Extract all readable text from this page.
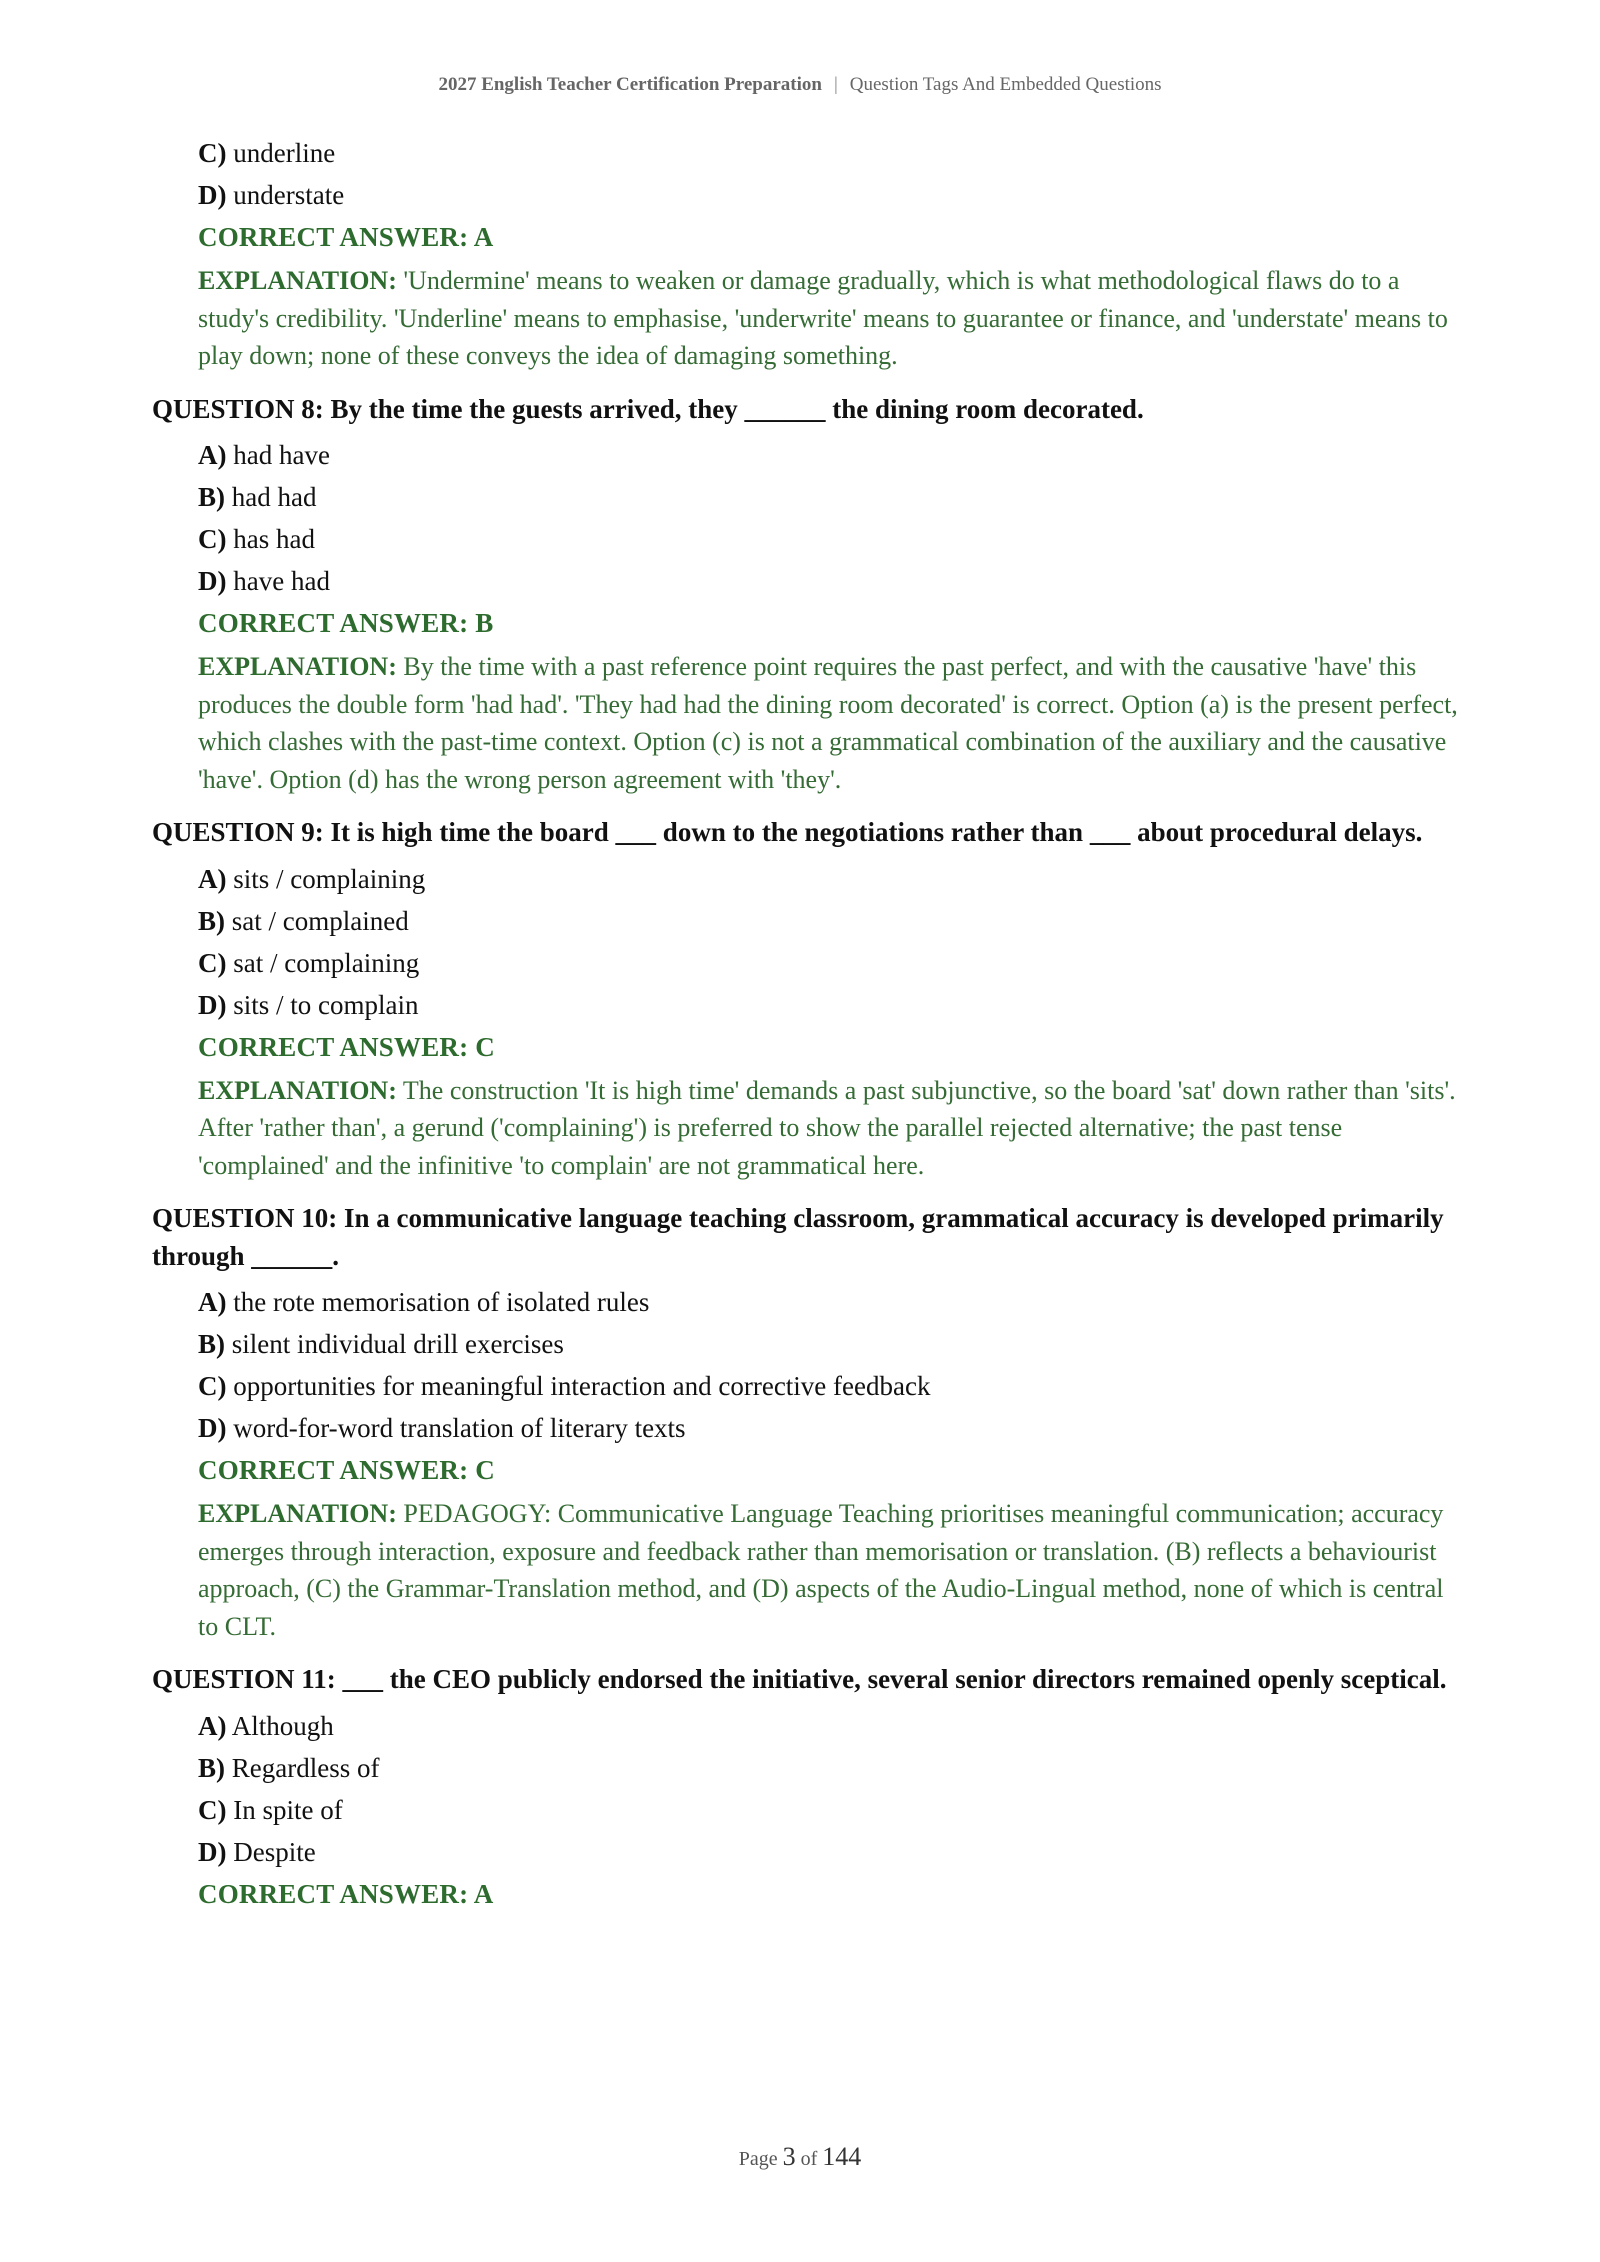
2027 English Teacher Certification Preparation | Question Tags And Embedded Questions
C) underline
D) understate
CORRECT ANSWER: A
EXPLANATION: 'Undermine' means to weaken or damage gradually, which is what methodological flaws do to a study's credibility. 'Underline' means to emphasise, 'underwrite' means to guarantee or finance, and 'understate' means to play down; none of these conveys the idea of damaging something.
QUESTION 8: By the time the guests arrived, they ______ the dining room decorated.
A) had have
B) had had
C) has had
D) have had
CORRECT ANSWER: B
EXPLANATION: By the time with a past reference point requires the past perfect, and with the causative 'have' this produces the double form 'had had'. 'They had had the dining room decorated' is correct. Option (a) is the present perfect, which clashes with the past-time context. Option (c) is not a grammatical combination of the auxiliary and the causative 'have'. Option (d) has the wrong person agreement with 'they'.
QUESTION 9: It is high time the board ___ down to the negotiations rather than ___ about procedural delays.
A) sits / complaining
B) sat / complained
C) sat / complaining
D) sits / to complain
CORRECT ANSWER: C
EXPLANATION: The construction 'It is high time' demands a past subjunctive, so the board 'sat' down rather than 'sits'. After 'rather than', a gerund ('complaining') is preferred to show the parallel rejected alternative; the past tense 'complained' and the infinitive 'to complain' are not grammatical here.
QUESTION 10: In a communicative language teaching classroom, grammatical accuracy is developed primarily through ______.
A) the rote memorisation of isolated rules
B) silent individual drill exercises
C) opportunities for meaningful interaction and corrective feedback
D) word-for-word translation of literary texts
CORRECT ANSWER: C
EXPLANATION: PEDAGOGY: Communicative Language Teaching prioritises meaningful communication; accuracy emerges through interaction, exposure and feedback rather than memorisation or translation. (B) reflects a behaviourist approach, (C) the Grammar-Translation method, and (D) aspects of the Audio-Lingual method, none of which is central to CLT.
QUESTION 11: ___ the CEO publicly endorsed the initiative, several senior directors remained openly sceptical.
A) Although
B) Regardless of
C) In spite of
D) Despite
CORRECT ANSWER: A
Page 3 of 144
